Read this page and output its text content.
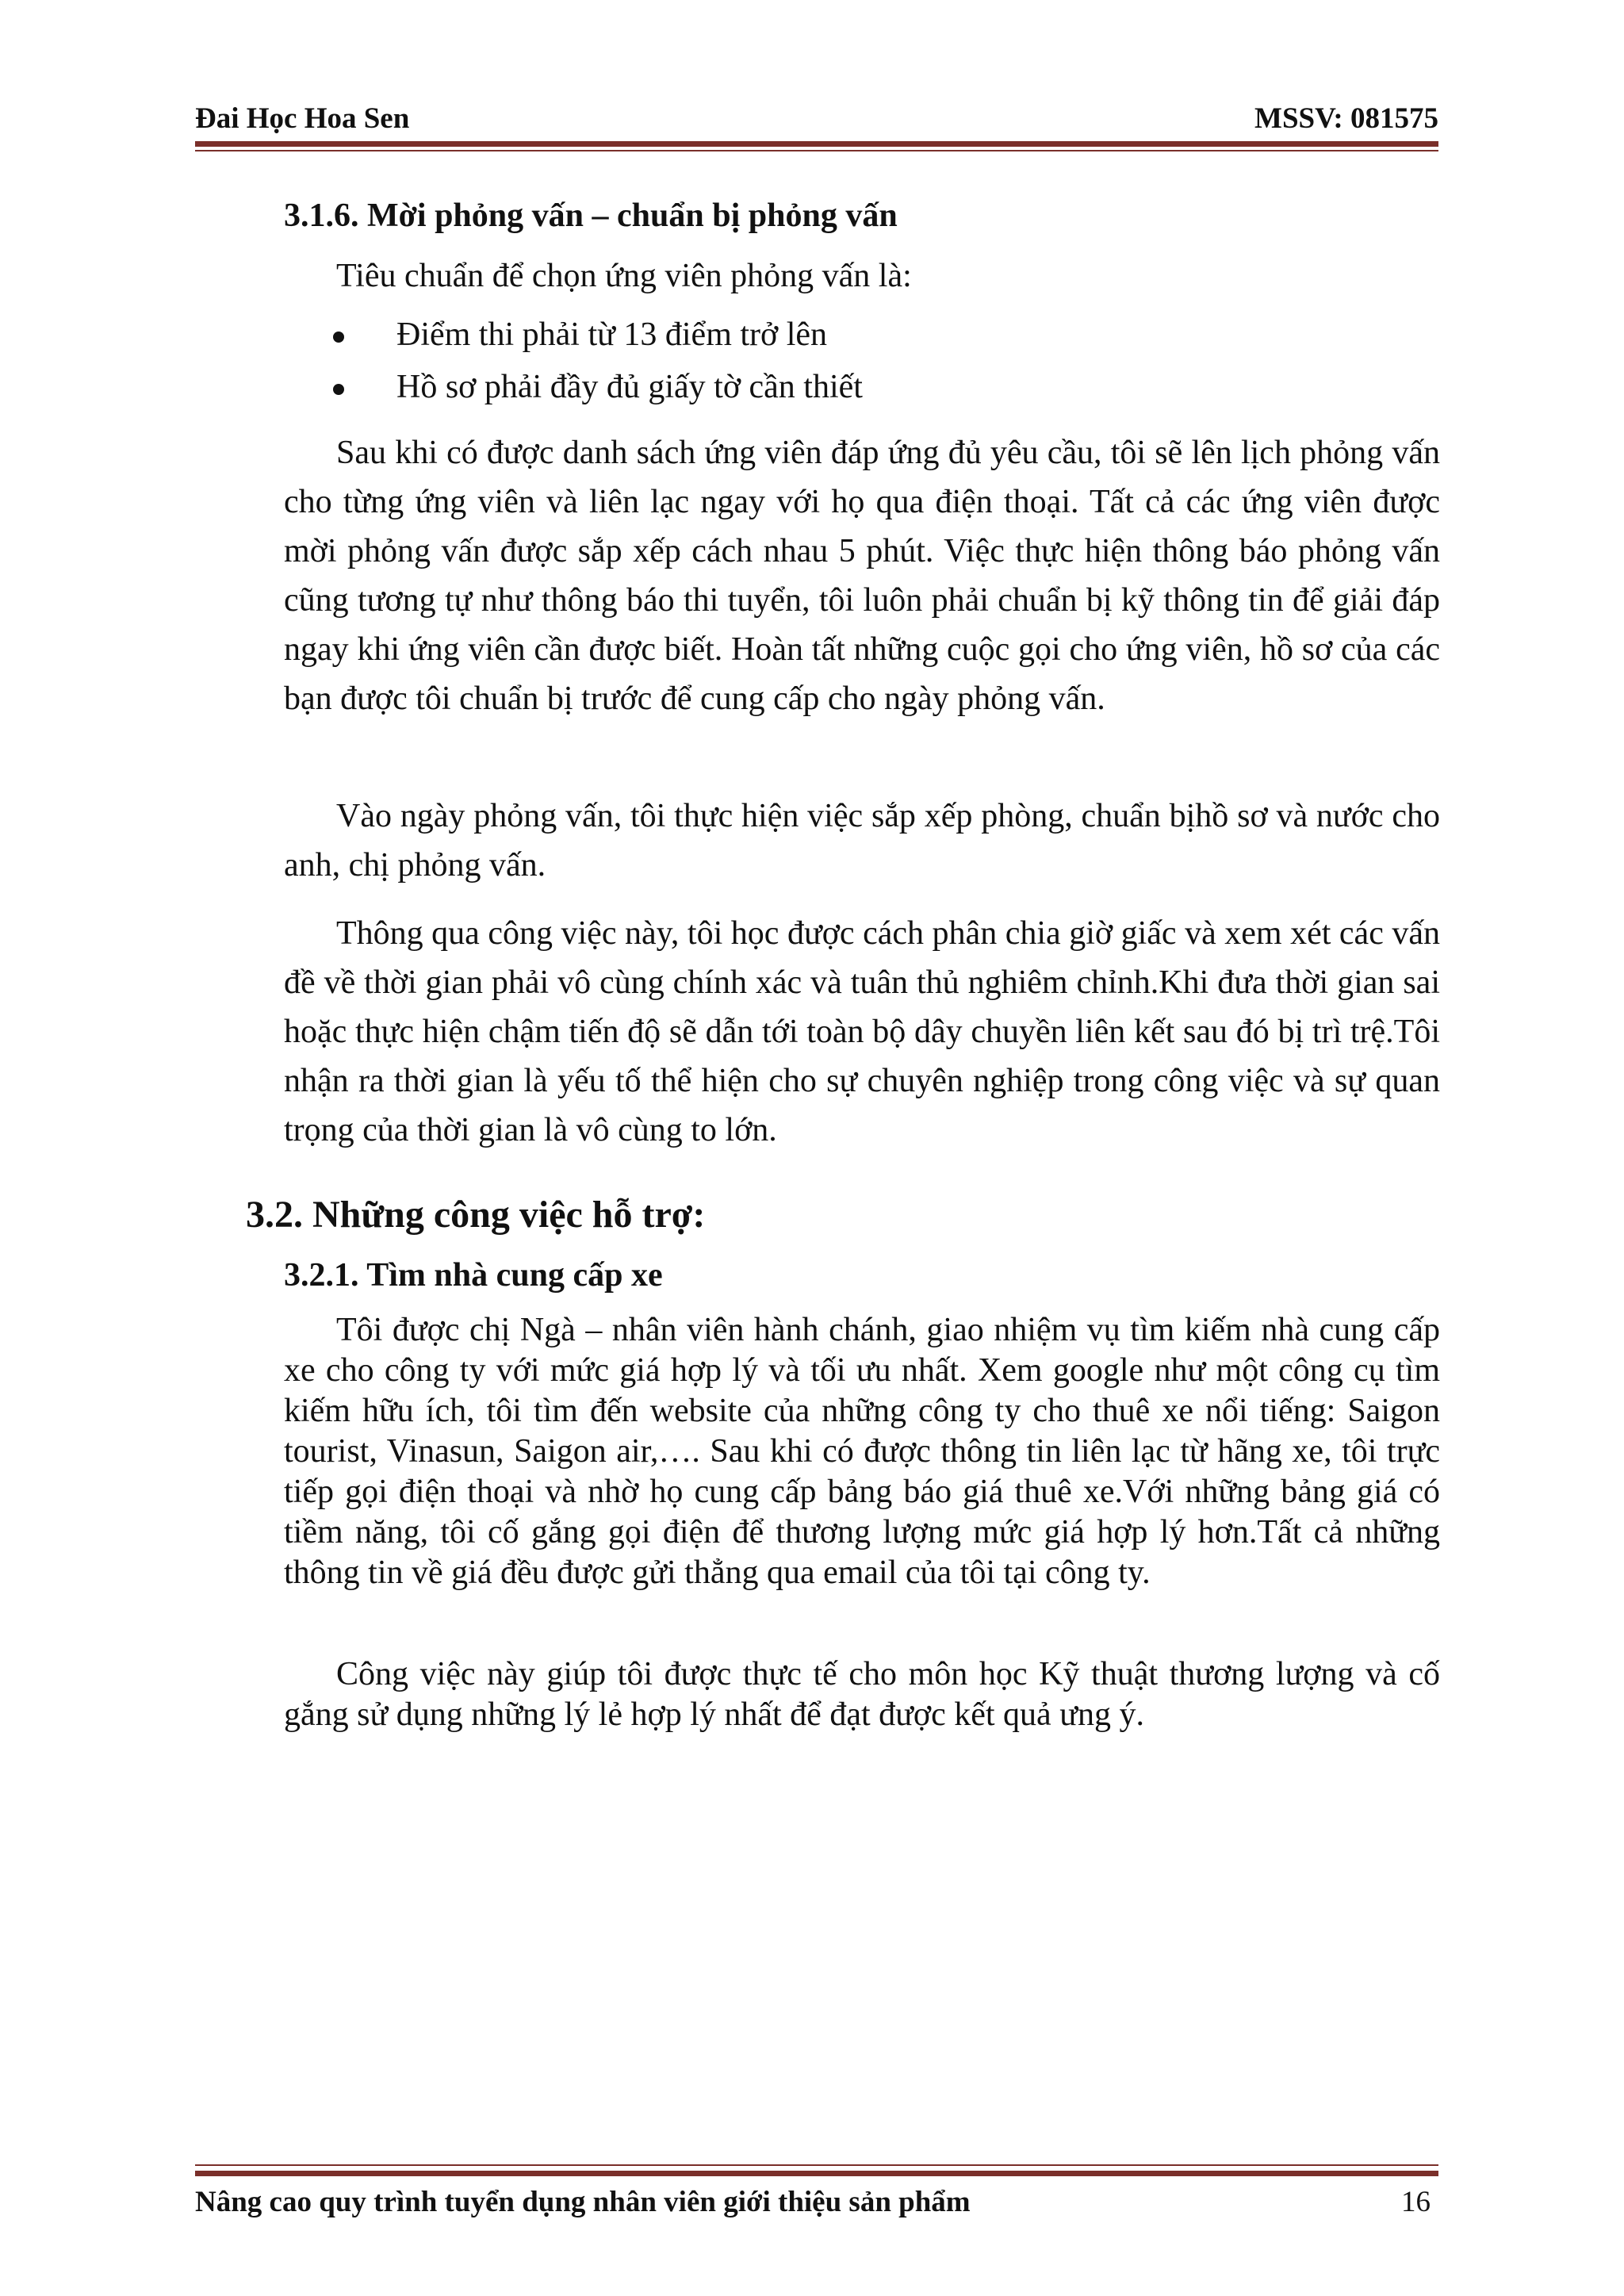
Đai Học Hoa Sen	MSSV: 081575
3.1.6. Mời phỏng vấn – chuẩn bị phỏng vấn
Tiêu chuẩn để chọn ứng viên phỏng vấn là:
Điểm thi phải từ 13 điểm trở lên
Hồ sơ phải đầy đủ giấy tờ cần thiết
Sau khi có được danh sách ứng viên đáp ứng đủ yêu cầu, tôi sẽ lên lịch phỏng vấn cho từng ứng viên và liên lạc ngay với họ qua điện thoại. Tất cả các ứng viên được mời phỏng vấn được sắp xếp cách nhau 5 phút. Việc thực hiện thông báo phỏng vấn cũng tương tự như thông báo thi tuyển, tôi luôn phải chuẩn bị kỹ thông tin để giải đáp ngay khi ứng viên cần được biết. Hoàn tất những cuộc gọi cho ứng viên, hồ sơ của các bạn được tôi chuẩn bị trước để cung cấp cho ngày phỏng vấn.
Vào ngày phỏng vấn, tôi thực hiện việc sắp xếp phòng, chuẩn bịhồ sơ và nước cho anh, chị phỏng vấn.
Thông qua công việc này, tôi học được cách phân chia giờ giấc và xem xét các vấn đề về thời gian phải vô cùng chính xác và tuân thủ nghiêm chỉnh.Khi đưa thời gian sai hoặc thực hiện chậm tiến độ sẽ dẫn tới toàn bộ dây chuyền liên kết sau đó bị trì trệ.Tôi nhận ra thời gian là yếu tố thể hiện cho sự chuyên nghiệp trong công việc và sự quan trọng của thời gian là vô cùng to lớn.
3.2. Những công việc hỗ trợ:
3.2.1. Tìm nhà cung cấp xe
Tôi được chị Ngà – nhân viên hành chánh, giao nhiệm vụ tìm kiếm nhà cung cấp xe cho công ty với mức giá hợp lý và tối ưu nhất. Xem google như một công cụ tìm kiếm hữu ích, tôi tìm đến website của những công ty cho thuê xe nổi tiếng: Saigon tourist, Vinasun, Saigon air,…. Sau khi có được thông tin liên lạc từ hãng xe, tôi trực tiếp gọi điện thoại và nhờ họ cung cấp bảng báo giá thuê xe.Với những bảng giá có tiềm năng, tôi cố gắng gọi điện để thương lượng mức giá hợp lý hơn.Tất cả những thông tin về giá đều được gửi thẳng qua email của tôi tại công ty.
Công việc này giúp tôi được thực tế cho môn học Kỹ thuật thương lượng và cố gắng sử dụng những lý lẻ hợp lý nhất để đạt được kết quả ưng ý.
Nâng cao quy trình tuyển dụng nhân viên giới thiệu sản phẩm	16
